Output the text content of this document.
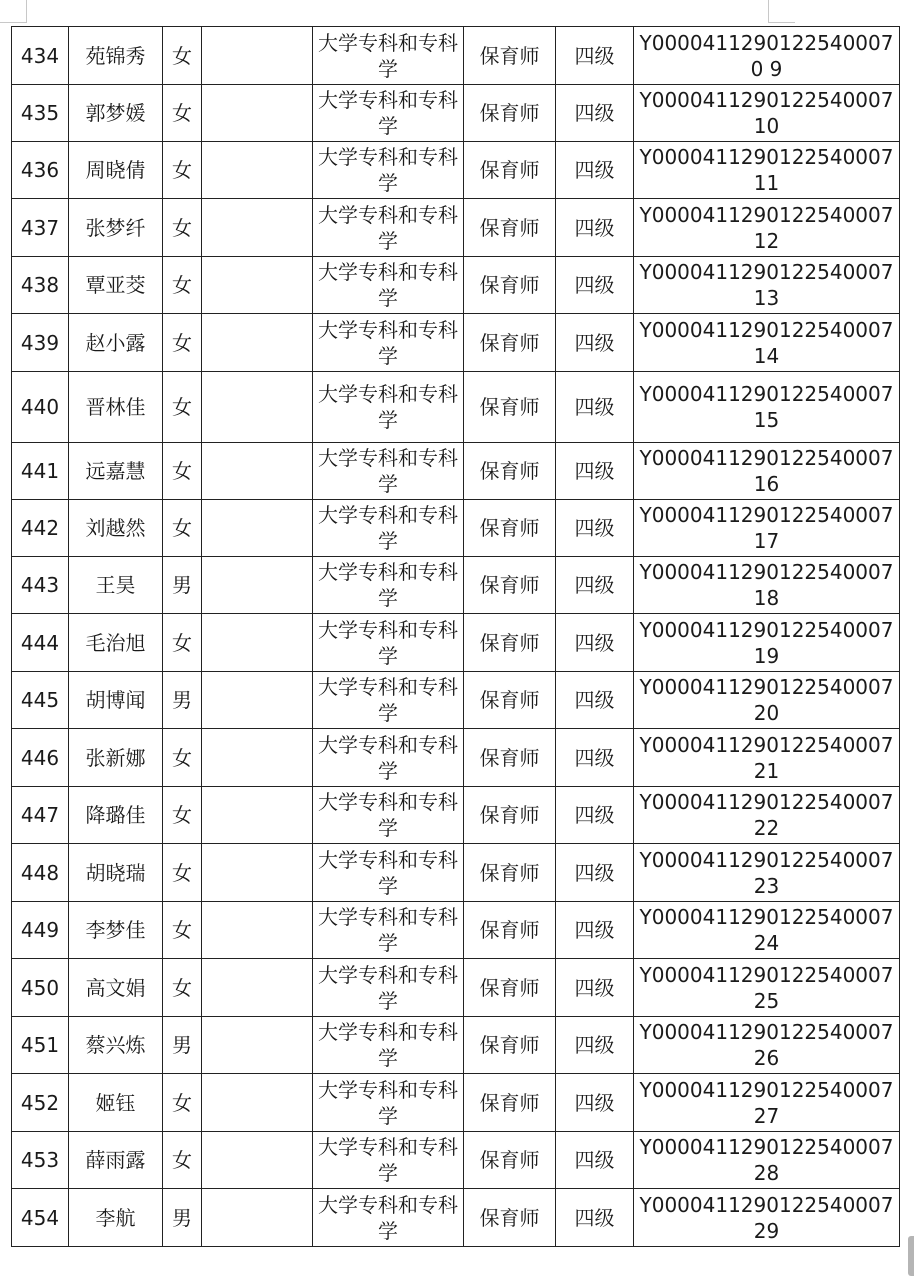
434	苑锦秀	女		大学专科和专科学	保育师	四级	Y00004112901225400070 9
435	郭梦媛	女		大学专科和专科学	保育师	四级	Y0000411290122540007 10
436	周晓倩	女		大学专科和专科学	保育师	四级	Y0000411290122540007 11
437	张梦纤	女		大学专科和专科学	保育师	四级	Y0000411290122540007 12
438	覃亚茭	女		大学专科和专科学	保育师	四级	Y0000411290122540007 13
439	赵小露	女		大学专科和专科学	保育师	四级	Y0000411290122540007 14
440	晋林佳	女		大学专科和专科学	保育师	四级	Y0000411290122540007 15
441	远嘉慧	女		大学专科和专科学	保育师	四级	Y0000411290122540007 16
442	刘越然	女		大学专科和专科学	保育师	四级	Y0000411290122540007 17
443	王昊	男		大学专科和专科学	保育师	四级	Y0000411290122540007 18
444	毛治旭	女		大学专科和专科学	保育师	四级	Y0000411290122540007 19
445	胡博闻	男		大学专科和专科学	保育师	四级	Y0000411290122540007 20
446	张新娜	女		大学专科和专科学	保育师	四级	Y0000411290122540007 21
447	降璐佳	女		大学专科和专科学	保育师	四级	Y0000411290122540007 22
448	胡晓瑞	女		大学专科和专科学	保育师	四级	Y0000411290122540007 23
449	李梦佳	女		大学专科和专科学	保育师	四级	Y0000411290122540007 24
450	高文娟	女		大学专科和专科学	保育师	四级	Y0000411290122540007 25
451	蔡兴炼	男		大学专科和专科学	保育师	四级	Y0000411290122540007 26
452	姬钰	女		大学专科和专科学	保育师	四级	Y0000411290122540007 27
453	薛雨露	女		大学专科和专科学	保育师	四级	Y0000411290122540007 28
454	李航	男		大学专科和专科学	保育师	四级	Y0000411290122540007 29
